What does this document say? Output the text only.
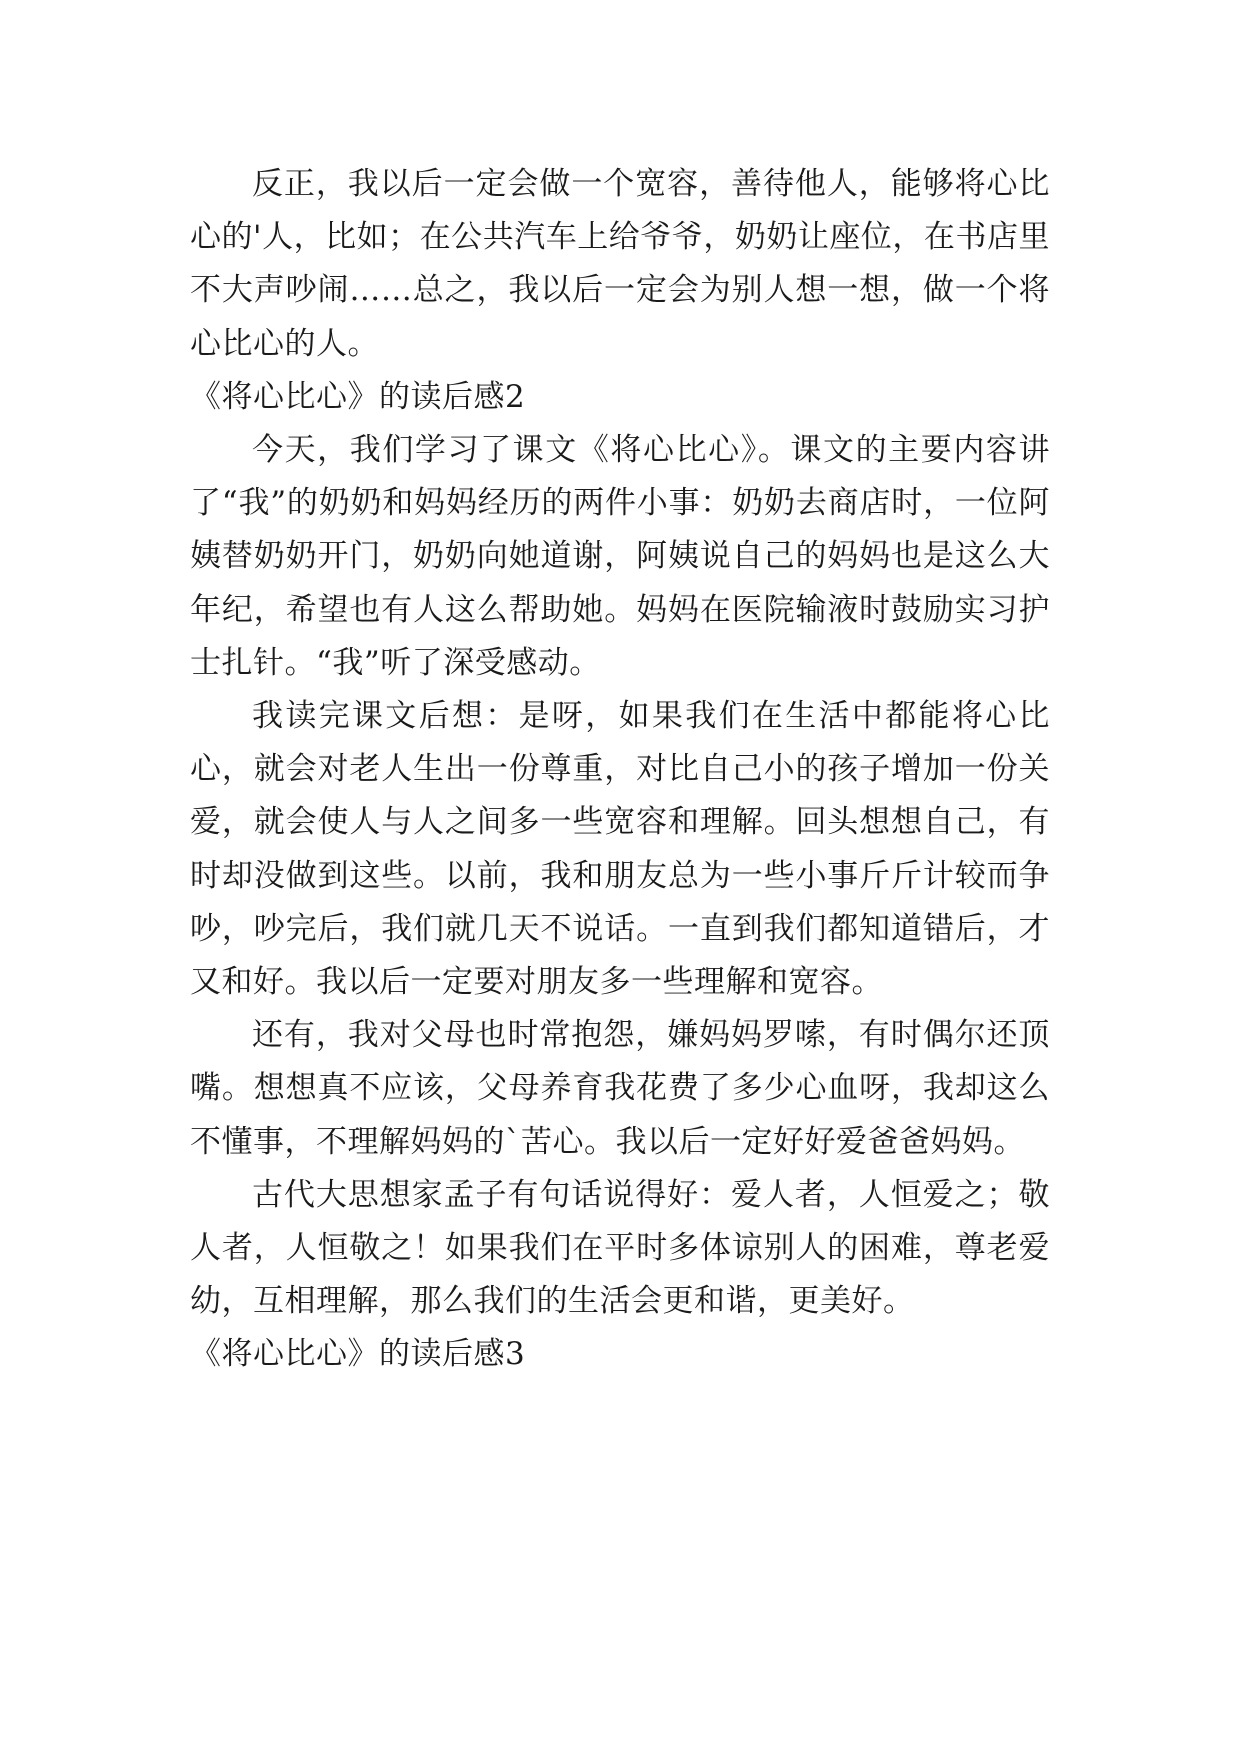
反正，我以后一定会做一个宽容，善待他人，能够将心比心的'人，比如；在公共汽车上给爷爷，奶奶让座位，在书店里不大声吵闹……总之，我以后一定会为别人想一想，做一个将心比心的人。

《将心比心》的读后感2

今天，我们学习了课文《将心比心》。课文的主要内容讲了“我”的奶奶和妈妈经历的两件小事：奶奶去商店时，一位阿姨替奶奶开门，奶奶向她道谢，阿姨说自己的妈妈也是这么大年纪，希望也有人这么帮助她。妈妈在医院输液时鼓励实习护士扎针。“我”听了深受感动。

我读完课文后想：是呀，如果我们在生活中都能将心比心，就会对老人生出一份尊重，对比自己小的孩子增加一份关爱，就会使人与人之间多一些宽容和理解。回头想想自己，有时却没做到这些。以前，我和朋友总为一些小事斤斤计较而争吵，吵完后，我们就几天不说话。一直到我们都知道错后，才又和好。我以后一定要对朋友多一些理解和宽容。

还有，我对父母也时常抱怨，嫌妈妈罗嗦，有时偶尔还顶嘴。想想真不应该，父母养育我花费了多少心血呀，我却这么不懂事，不理解妈妈的`苦心。我以后一定好好爱爸爸妈妈。

古代大思想家孟子有句话说得好：爱人者，人恒爱之；敬人者，人恒敬之！如果我们在平时多体谅别人的困难，尊老爱幼，互相理解，那么我们的生活会更和谐，更美好。

《将心比心》的读后感3
